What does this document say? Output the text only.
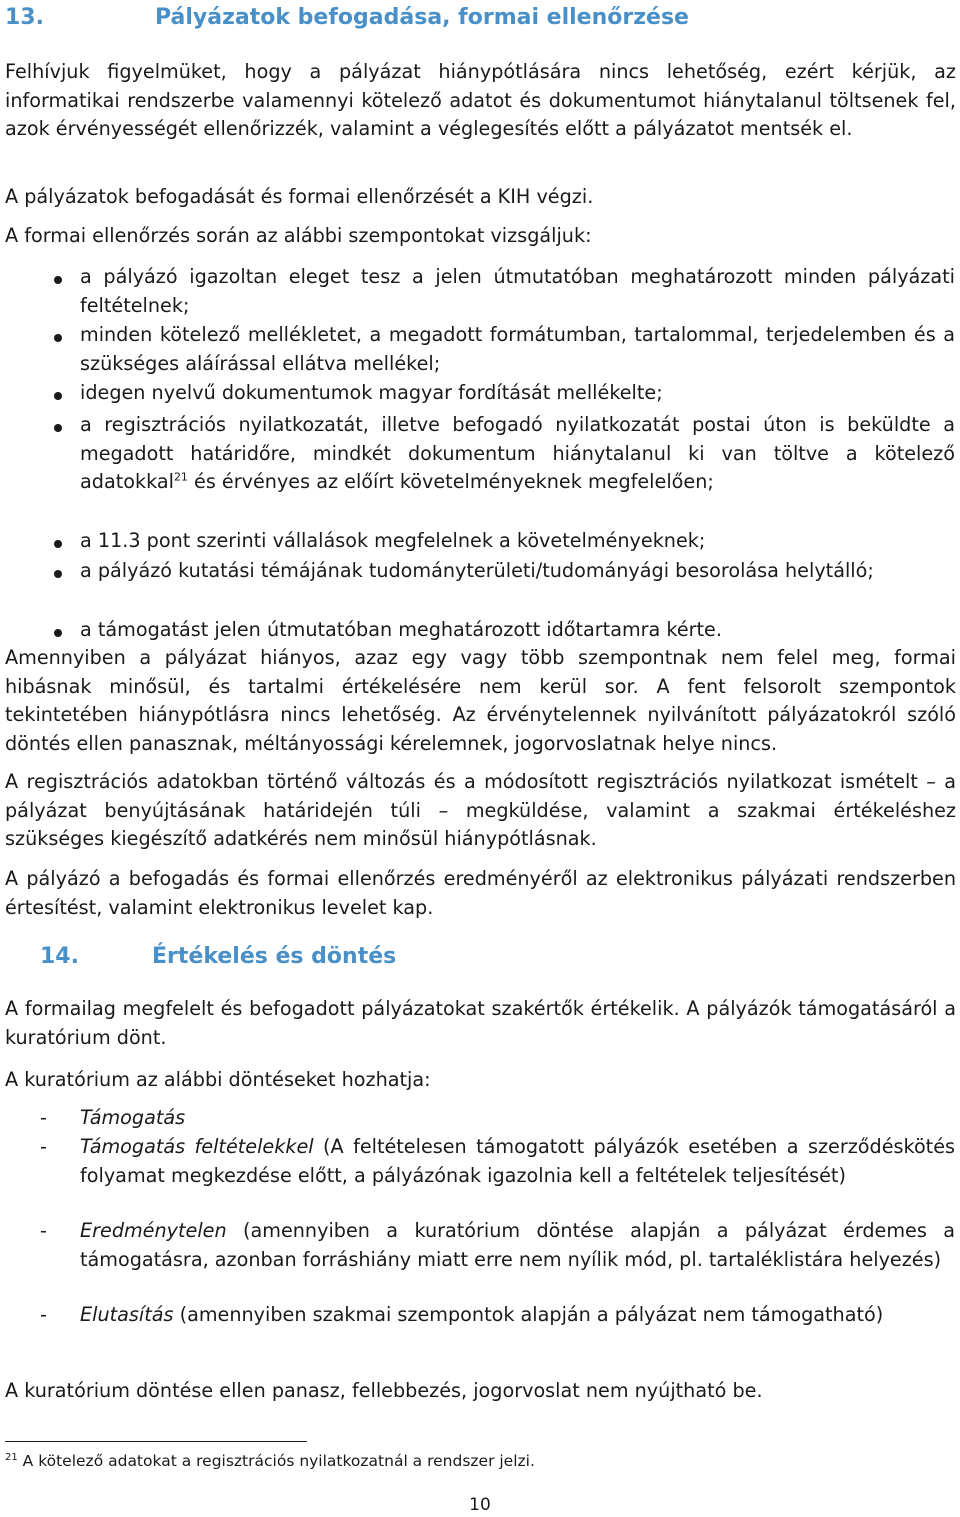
13.	Pályázatok befogadása, formai ellenőrzése

Felhívjuk figyelmüket, hogy a pályázat hiánypótlására nincs lehetőség, ezért kérjük, az informatikai rendszerbe valamennyi kötelező adatot és dokumentumot hiánytalanul töltsenek fel, azok érvényességét ellenőrizzék, valamint a véglegesítés előtt a pályázatot mentsék el.

A pályázatok befogadását és formai ellenőrzését a KIH végzi.

A formai ellenőrzés során az alábbi szempontokat vizsgáljuk:

a pályázó igazoltan eleget tesz a jelen útmutatóban meghatározott minden pályázati feltételnek;

minden kötelező mellékletet, a megadott formátumban, tartalommal, terjedelemben és a szükséges aláírással ellátva mellékel;

idegen nyelvű dokumentumok magyar fordítását mellékelte;

a regisztrációs nyilatkozatát, illetve befogadó nyilatkozatát postai úton is beküldte a megadott határidőre, mindkét dokumentum hiánytalanul ki van töltve a kötelező adatokkal$^{21}$ és érvényes az előírt követelményeknek megfelelően;

a 11.3 pont szerinti vállalások megfelelnek a követelményeknek;

a pályázó kutatási témájának tudományterületi/tudományági besorolása helytálló;

a támogatást jelen útmutatóban meghatározott időtartamra kérte.

Amennyiben a pályázat hiányos, azaz egy vagy több szempontnak nem felel meg, formai hibásnak minősül, és tartalmi értékelésére nem kerül sor. A fent felsorolt szempontok tekintetében hiánypótlásra nincs lehetőség. Az érvénytelennek nyilvánított pályázatokról szóló döntés ellen panasznak, méltányossági kérelemnek, jogorvoslatnak helye nincs.

A regisztrációs adatokban történő változás és a módosított regisztrációs nyilatkozat ismételt – a pályázat benyújtásának határidején túli – megküldése, valamint a szakmai értékeléshez szükséges kiegészítő adatkérés nem minősül hiánypótlásnak.

A pályázó a befogadás és formai ellenőrzés eredményéről az elektronikus pályázati rendszerben értesítést, valamint elektronikus levelet kap.

14.	Értékelés és döntés

A formailag megfelelt és befogadott pályázatokat szakértők értékelik. A pályázók támogatásáról a kuratórium dönt.

A kuratórium az alábbi döntéseket hozhatja:

- Támogatás

- Támogatás feltételekkel (A feltételesen támogatott pályázók esetében a szerződéskötés folyamat megkezdése előtt, a pályázónak igazolnia kell a feltételek teljesítését)

- Eredménytelen (amennyiben a kuratórium döntése alapján a pályázat érdemes a támogatásra, azonban forráshiány miatt erre nem nyílik mód, pl. tartaléklistára helyezés)

- Elutasítás (amennyiben szakmai szempontok alapján a pályázat nem támogatható)

A kuratórium döntése ellen panasz, fellebbezés, jogorvoslat nem nyújtható be.

$^{21}$ A kötelező adatokat a regisztrációs nyilatkozatnál a rendszer jelzi.
10
